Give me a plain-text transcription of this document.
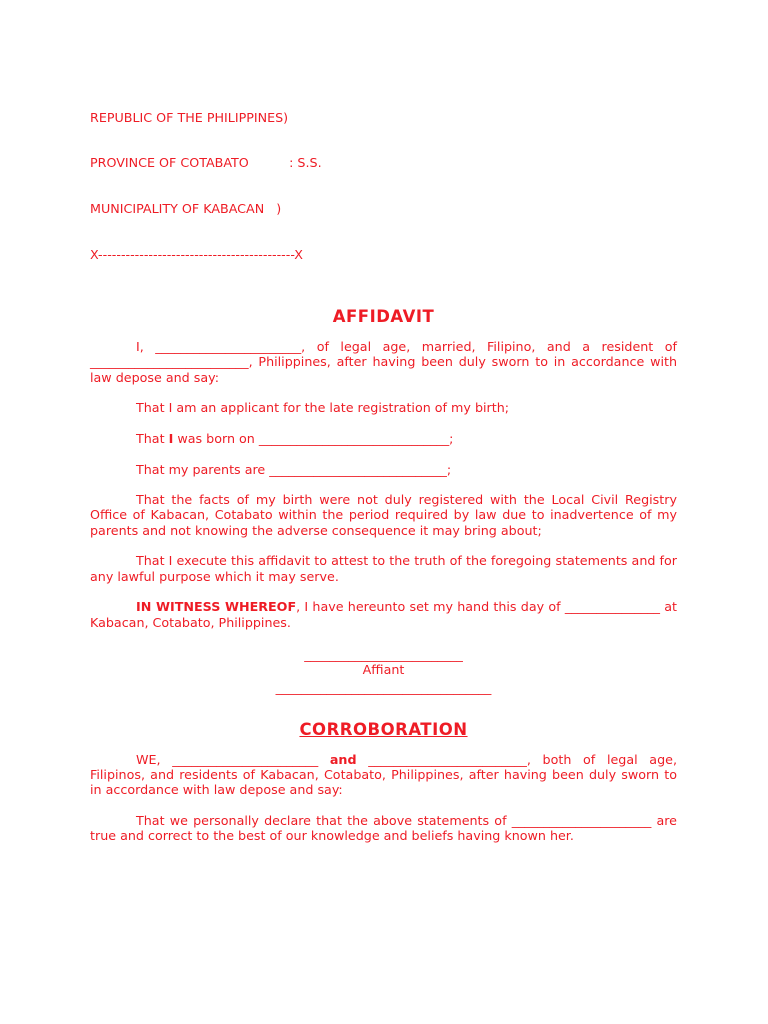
REPUBLIC OF THE PHILIPPINES)

PROVINCE OF COTABATO          : S.S.

MUNICIPALITY OF KABACAN   )

X-------------------------------------------X

AFFIDAVIT
I, _______________________, of legal age, married, Filipino, and a resident of _________________________, Philippines, after having been duly sworn to in accordance with law depose and say:
That I am an applicant for the late registration of my birth;
That I was born on ______________________________;
That my parents are ____________________________;
That the facts of my birth were not duly registered with the Local Civil Registry Office of Kabacan, Cotabato within the period required by law due to inadvertence of my parents and not knowing the adverse consequence it may bring about;
That I execute this affidavit to attest to the truth of the foregoing statements and for any lawful purpose which it may serve.
IN WITNESS WHEREOF, I have hereunto set my hand this day of _______________ at Kabacan, Cotabato, Philippines.
_________________________
Affiant
__________________________________
CORROBORATION
WE, _______________________ and _________________________, both of legal age, Filipinos, and residents of Kabacan, Cotabato, Philippines, after having been duly sworn to in accordance with law depose and say:
That we personally declare that the above statements of ______________________ are true and correct to the best of our knowledge and beliefs having known her.
